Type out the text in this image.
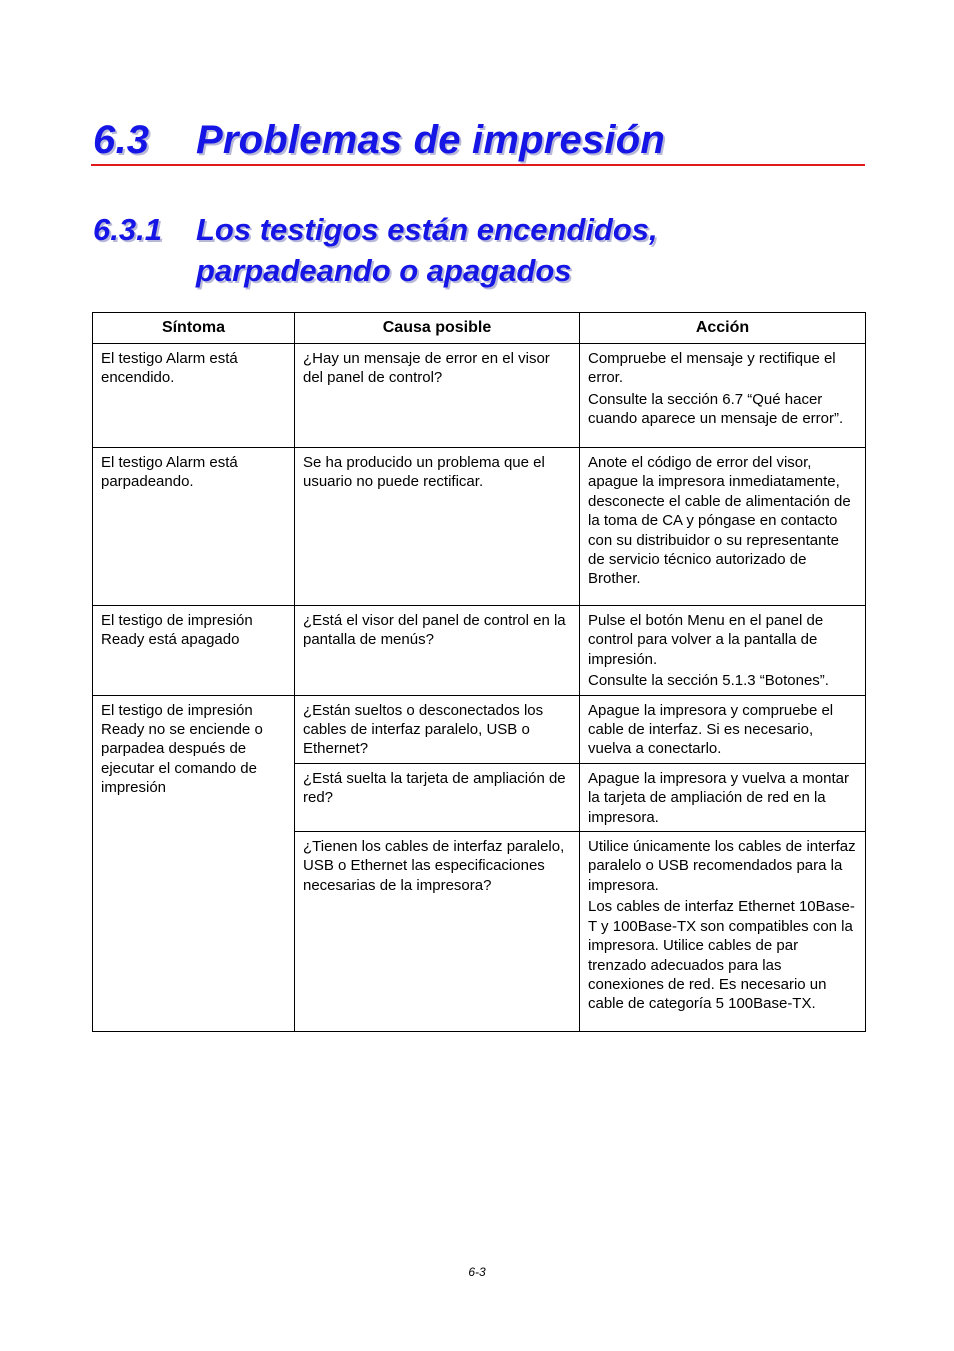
6.3 Problemas de impresión
6.3.1 Los testigos están encendidos,
parpadeando o apagados
Síntoma	Causa posible	Acción
El testigo Alarm está encendido.	¿Hay un mensaje de error en el visor del panel de control?	Compruebe el mensaje y rectifique el error.

Consulte la sección 6.7 “Qué hacer cuando aparece un mensaje de error”.

El testigo Alarm está parpadeando.	Se ha producido un problema que el usuario no puede rectificar.	Anote el código de error del visor, apague la impresora inmediatamente, desconecte el cable de alimentación de la toma de CA y póngase en contacto con su distribuidor o su representante de servicio técnico autorizado de Brother.

El testigo de impresión Ready está apagado	¿Está el visor del panel de control en la pantalla de menús?	Pulse el botón Menu en el panel de control para volver a la pantalla de impresión.

Consulte la sección 5.1.3 “Botones”.

El testigo de impresión Ready no se enciende o parpadea después de ejecutar el comando de impresión	¿Están sueltos o desconectados los cables de interfaz paralelo, USB o Ethernet?	Apague la impresora y compruebe el cable de interfaz. Si es necesario, vuelva a conectarlo.

	¿Está suelta la tarjeta de ampliación de red?	Apague la impresora y vuelva a montar la tarjeta de ampliación de red en la impresora.

	¿Tienen los cables de interfaz paralelo, USB o Ethernet las especificaciones necesarias de la impresora?	Utilice únicamente los cables de interfaz paralelo o USB recomendados para la impresora.

Los cables de interfaz Ethernet 10Base-T y 100Base-TX son compatibles con la impresora. Utilice cables de par trenzado adecuados para las conexiones de red. Es necesario un cable de categoría 5 100Base-TX.

6-3
